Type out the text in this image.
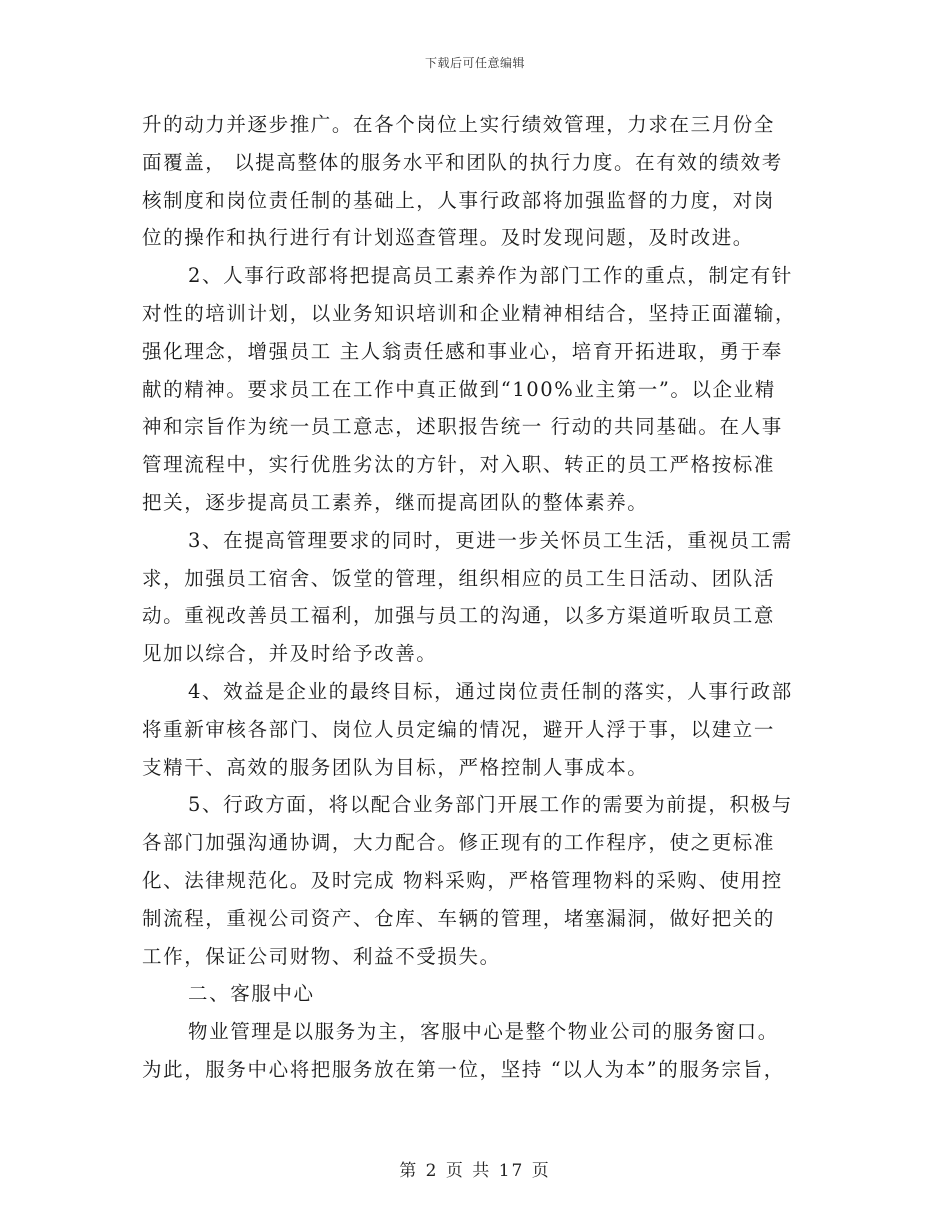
下载后可任意编辑
升的动力并逐步推广。在各个岗位上实行绩效管理，力求在三月份全
面覆盖， 以提高整体的服务水平和团队的执行力度。在有效的绩效考
核制度和岗位责任制的基础上，人事行政部将加强监督的力度，对岗
位的操作和执行进行有计划巡查管理。及时发现问题，及时改进。
2、人事行政部将把提高员工素养作为部门工作的重点，制定有针
对性的培训计划，以业务知识培训和企业精神相结合，坚持正面灌输，
强化理念，增强员工 主人翁责任感和事业心，培育开拓进取，勇于奉
献的精神。要求员工在工作中真正做到“100%业主第一”。以企业精
神和宗旨作为统一员工意志，述职报告统一 行动的共同基础。在人事
管理流程中，实行优胜劣汰的方针，对入职、转正的员工严格按标准
把关，逐步提高员工素养，继而提高团队的整体素养。
3、在提高管理要求的同时，更进一步关怀员工生活，重视员工需
求，加强员工宿舍、饭堂的管理，组织相应的员工生日活动、团队活
动。重视改善员工福利，加强与员工的沟通，以多方渠道听取员工意
见加以综合，并及时给予改善。
4、效益是企业的最终目标，通过岗位责任制的落实，人事行政部
将重新审核各部门、岗位人员定编的情况，避开人浮于事，以建立一
支精干、高效的服务团队为目标，严格控制人事成本。
5、行政方面，将以配合业务部门开展工作的需要为前提，积极与
各部门加强沟通协调，大力配合。修正现有的工作程序，使之更标准
化、法律规范化。及时完成 物料采购，严格管理物料的采购、使用控
制流程，重视公司资产、仓库、车辆的管理，堵塞漏洞，做好把关的
工作，保证公司财物、利益不受损失。
二、客服中心
物业管理是以服务为主，客服中心是整个物业公司的服务窗口。
为此，服务中心将把服务放在第一位，坚持 “以人为本”的服务宗旨，
第 2 页 共 17 页
